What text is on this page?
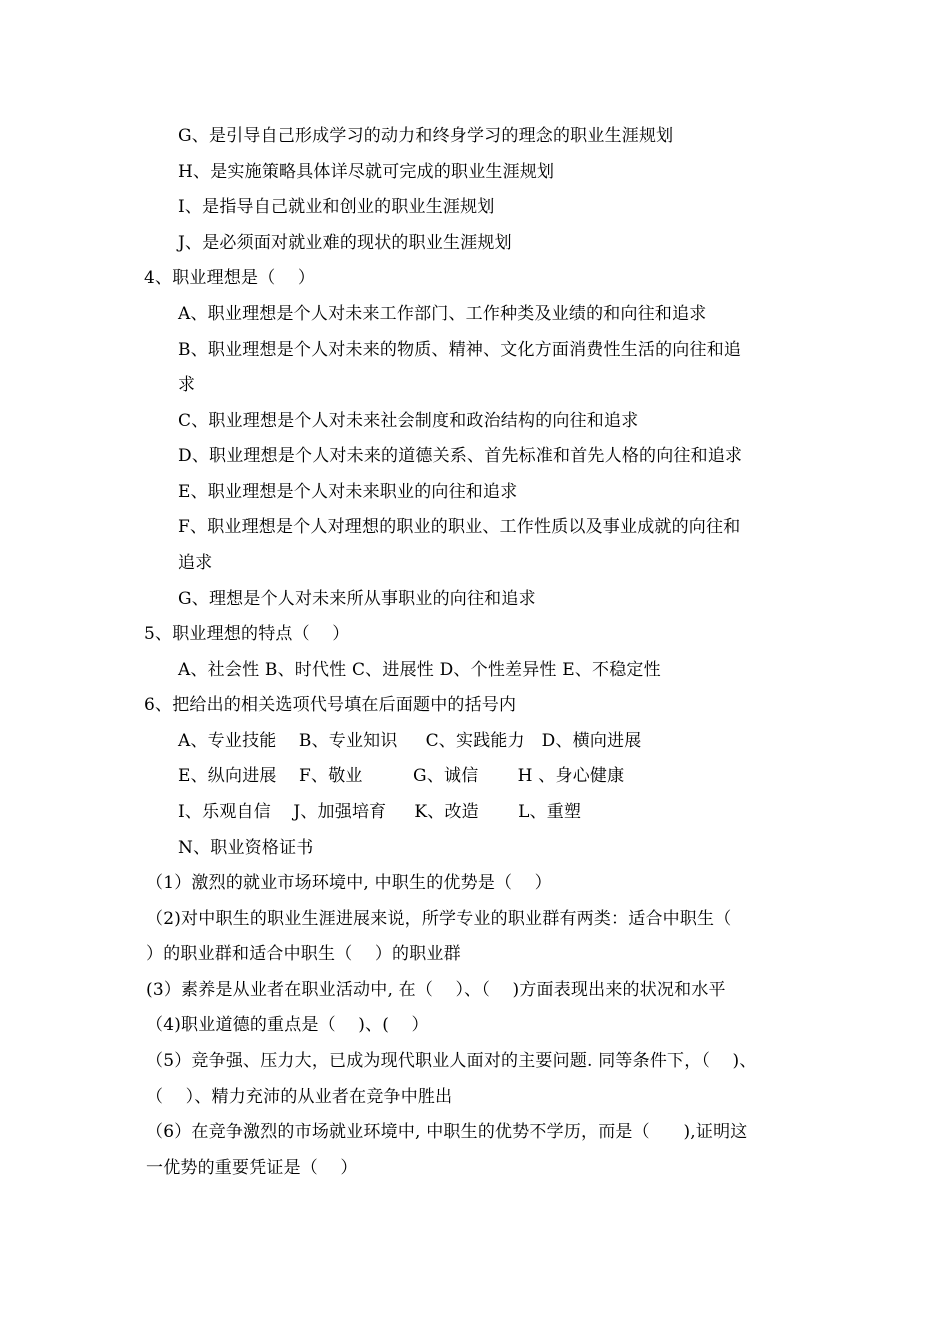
G、是引导自己形成学习的动力和终身学习的理念的职业生涯规划
H、是实施策略具体详尽就可完成的职业生涯规划
I、是指导自己就业和创业的职业生涯规划
J、是必须面对就业难的现状的职业生涯规划
4、职业理想是（    ）
A、职业理想是个人对未来工作部门、工作种类及业绩的和向往和追求
B、职业理想是个人对未来的物质、精神、文化方面消费性生活的向往和追
求
C、职业理想是个人对未来社会制度和政治结构的向往和追求
D、职业理想是个人对未来的道德关系、首先标准和首先人格的向往和追求
E、职业理想是个人对未来职业的向往和追求
F、职业理想是个人对理想的职业的职业、工作性质以及事业成就的向往和
追求
G、理想是个人对未来所从事职业的向往和追求
5、职业理想的特点（    ）
A、社会性 B、时代性 C、进展性 D、个性差异性 E、不稳定性
6、把给出的相关选项代号填在后面题中的括号内
A、专业技能    B、专业知识     C、实践能力   D、横向进展
E、纵向进展    F、敬业         G、诚信       H 、身心健康
I、乐观自信    J、加强培育     K、改造       L、重塑
N、职业资格证书
（1）激烈的就业市场环境中, 中职生的优势是（    ）
（2)对中职生的职业生涯进展来说，所学专业的职业群有两类：适合中职生（
）的职业群和适合中职生（    ）的职业群
(3）素养是从业者在职业活动中, 在（    ）、（    )方面表现出来的状况和水平
（4)职业道德的重点是（    )、(    ）
（5）竞争强、压力大，已成为现代职业人面对的主要问题. 同等条件下，（    )、
（    ）、精力充沛的从业者在竞争中胜出
（6）在竞争激烈的市场就业环境中, 中职生的优势不学历，而是（      ),证明这
一优势的重要凭证是（    ）
